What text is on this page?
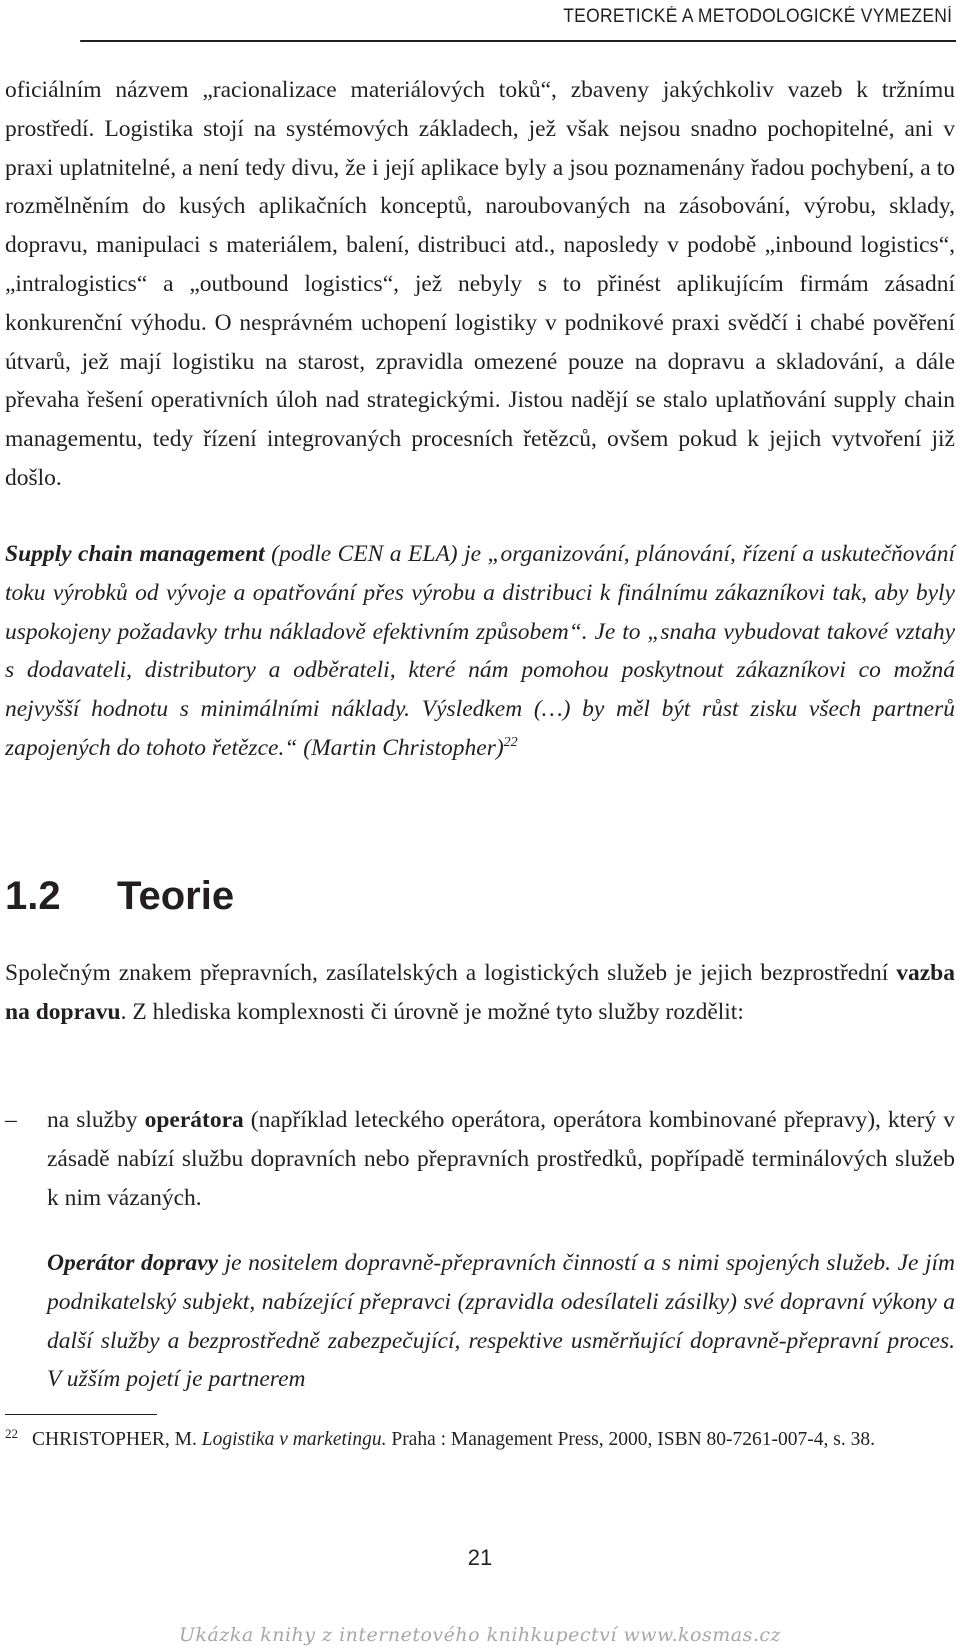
TEORETICKÉ A METODOLOGICKÉ VYMEZENÍ

oficiálním názvem „racionalizace materiálových toků“, zbaveny jakýchkoliv vazeb k tržnímu prostředí. Logistika stojí na systémových základech, jež však nejsou snadno pochopitelné, ani v praxi uplatnitelné, a není tedy divu, že i její aplikace byly a jsou poznamenány řadou pochybení, a to rozmělněním do kusých aplikačních konceptů, naroubovaných na zásobování, výrobu, sklady, dopravu, manipulaci s materiálem, balení, distribuci atd., naposledy v podobě „inbound logistics“, „intralogistics“ a „outbound logistics“, jež nebyly s to přinést aplikujícím firmám zásadní konkurenční výhodu. O nesprávném uchopení logistiky v podnikové praxi svědčí i chabé pověření útvarů, jež mají logistiku na starost, zpravidla omezené pouze na dopravu a skladování, a dále převaha řešení operativních úloh nad strategickými. Jistou nadějí se stalo uplatňování supply chain managementu, tedy řízení integrovaných procesních řetězců, ovšem pokud k jejich vytvoření již došlo.

Supply chain management (podle CEN a ELA) je „organizování, plánování, řízení a uskutečňování toku výrobků od vývoje a opatřování přes výrobu a distribuci k finálnímu zákazníkovi tak, aby byly uspokojeny požadavky trhu nákladově efektivním způsobem“. Je to „snaha vybudovat takové vztahy s dodavateli, distributory a odběrateli, které nám pomohou poskytnout zákazníkovi co možná nejvyšší hodnotu s minimálními náklady. Výsledkem (…) by měl být růst zisku všech partnerů zapojených do tohoto řetězce.“ (Martin Christopher)$^{22}$

1.2 Teorie

Společným znakem přepravních, zasílatelských a logistických služeb je jejich bezprostřední vazba na dopravu. Z hlediska komplexnosti či úrovně je možné tyto služby rozdělit:

–	na služby operátora (například leteckého operátora, operátora kombinované přepravy), který v zásadě nabízí službu dopravních nebo přepravních prostředků, popřípadě terminálových služeb k nim vázaných.

Operátor dopravy je nositelem dopravně-přepravních činností a s nimi spojených služeb. Je jím podnikatelský subjekt, nabízející přepravci (zpravidla odesílateli zásilky) své dopravní výkony a další služby a bezprostředně zabezpečující, respektive usměrňující dopravně-přepravní proces. V užším pojetí je partnerem

$^{22}$ CHRISTOPHER, M. Logistika v marketingu. Praha : Management Press, 2000, ISBN 80-7261-007-4, s. 38.

21
Ukázka knihy z internetového knihkupectví www.kosmas.cz
